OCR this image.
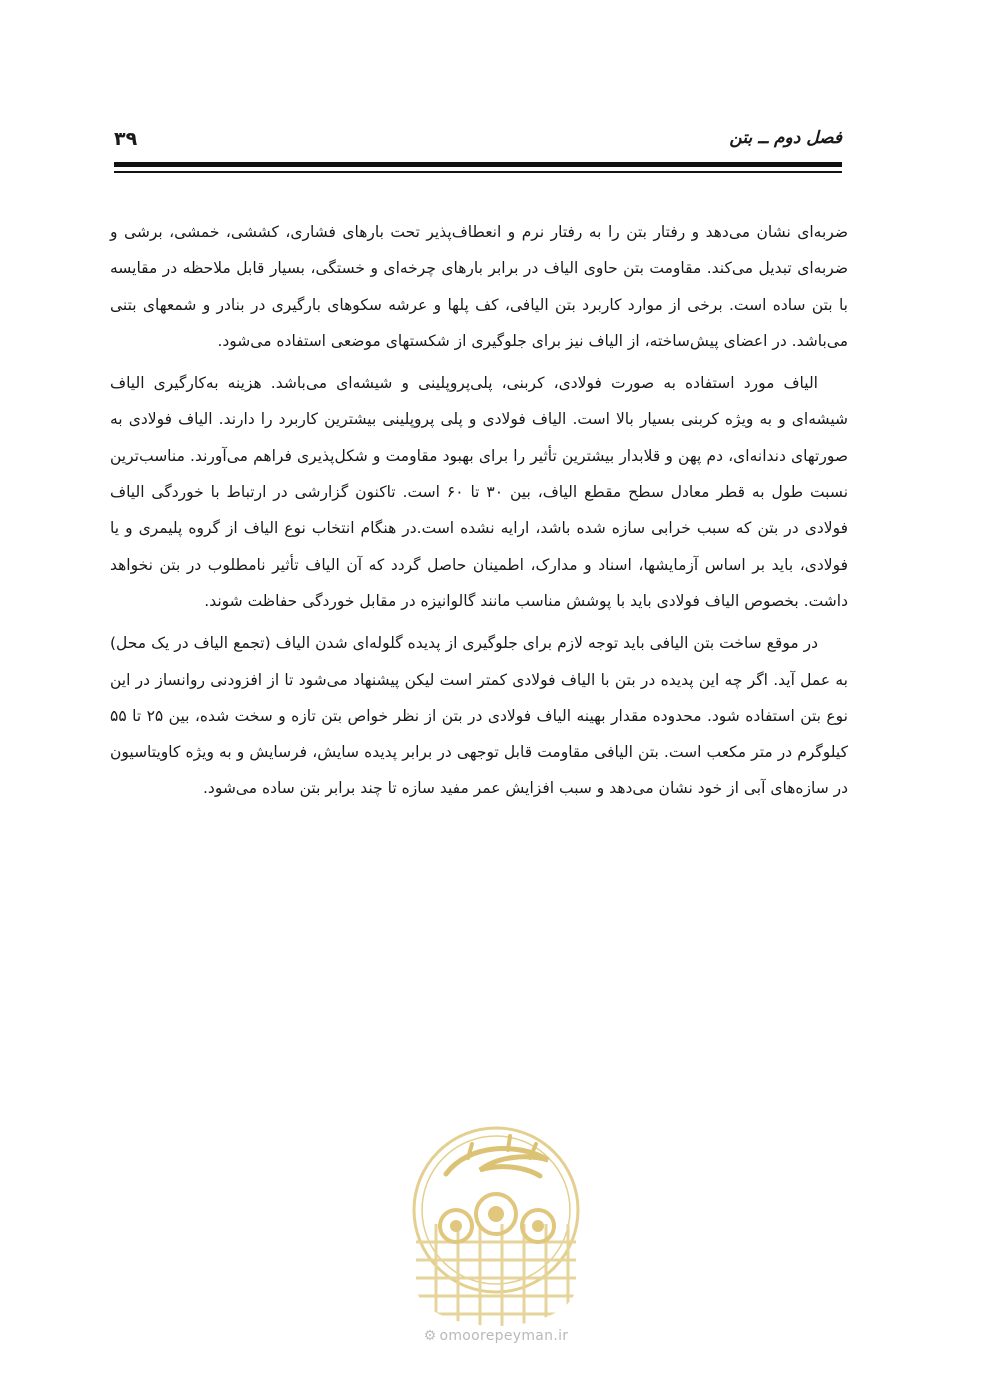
فصل دوم ــ بتن
۳۹

ضربه‌ای نشان می‌دهد و رفتار بتن را به رفتار نرم و انعطاف‌پذیر تحت بارهای فشاری، کششی، خمشی، برشی و ضربه‌ای تبدیل می‌کند. مقاومت بتن حاوی الیاف در برابر بارهای چرخه‌ای و خستگی، بسیار قابل ملاحظه در مقایسه با بتن ساده است. برخی از موارد کاربرد بتن الیافی، کف پلها و عرشه سکوهای بارگیری در بنادر و شمعهای بتنی می‌باشد. در اعضای پیش‌ساخته، از الیاف نیز برای جلوگیری از شکستهای موضعی استفاده می‌شود.

الیاف مورد استفاده به صورت فولادی، کربنی، پلی‌پروپلینی و شیشه‌ای می‌باشد. هزینه به‌کارگیری الیاف شیشه‌ای و به ویژه کربنی بسیار بالا است. الیاف فولادی و پلی پروپلینی بیشترین کاربرد را دارند. الیاف فولادی به صورتهای دندانه‌ای، دم پهن و قلابدار بیشترین تأثیر را برای بهبود مقاومت و شکل‌پذیری فراهم می‌آورند. مناسب‌ترین نسبت طول به قطر معادل سطح مقطع الیاف، بین ۳۰ تا ۶۰ است. تاکنون گزارشی در ارتباط با خوردگی الیاف فولادی در بتن که سبب خرابی سازه شده باشد، ارایه نشده است.در هنگام انتخاب نوع الیاف از گروه پلیمری و یا فولادی، باید بر اساس آزمایشها، اسناد و مدارک، اطمینان حاصل گردد که آن الیاف تأثیر نامطلوب در بتن نخواهد داشت. بخصوص الیاف فولادی باید با پوشش مناسب مانند گالوانیزه در مقابل خوردگی حفاظت شوند.

در موقع ساخت بتن الیافی باید توجه لازم برای جلوگیری از پدیده گلوله‌ای شدن الیاف (تجمع الیاف در یک محل) به عمل آید. اگر چه این پدیده در بتن با الیاف فولادی کمتر است لیکن پیشنهاد می‌شود تا از افزودنی روانساز در این نوع بتن استفاده شود. محدوده مقدار بهینه الیاف فولادی در بتن از نظر خواص بتن تازه و سخت شده، بین ۲۵ تا ۵۵ کیلوگرم در متر مکعب است. بتن الیافی مقاومت قابل توجهی در برابر پدیده سایش، فرسایش و به ویژه کاویتاسیون در سازه‌های آبی از خود نشان می‌دهد و سبب افزایش عمر مفید سازه تا چند برابر بتن ساده می‌شود.

⚙ omoorepeyman.ir
